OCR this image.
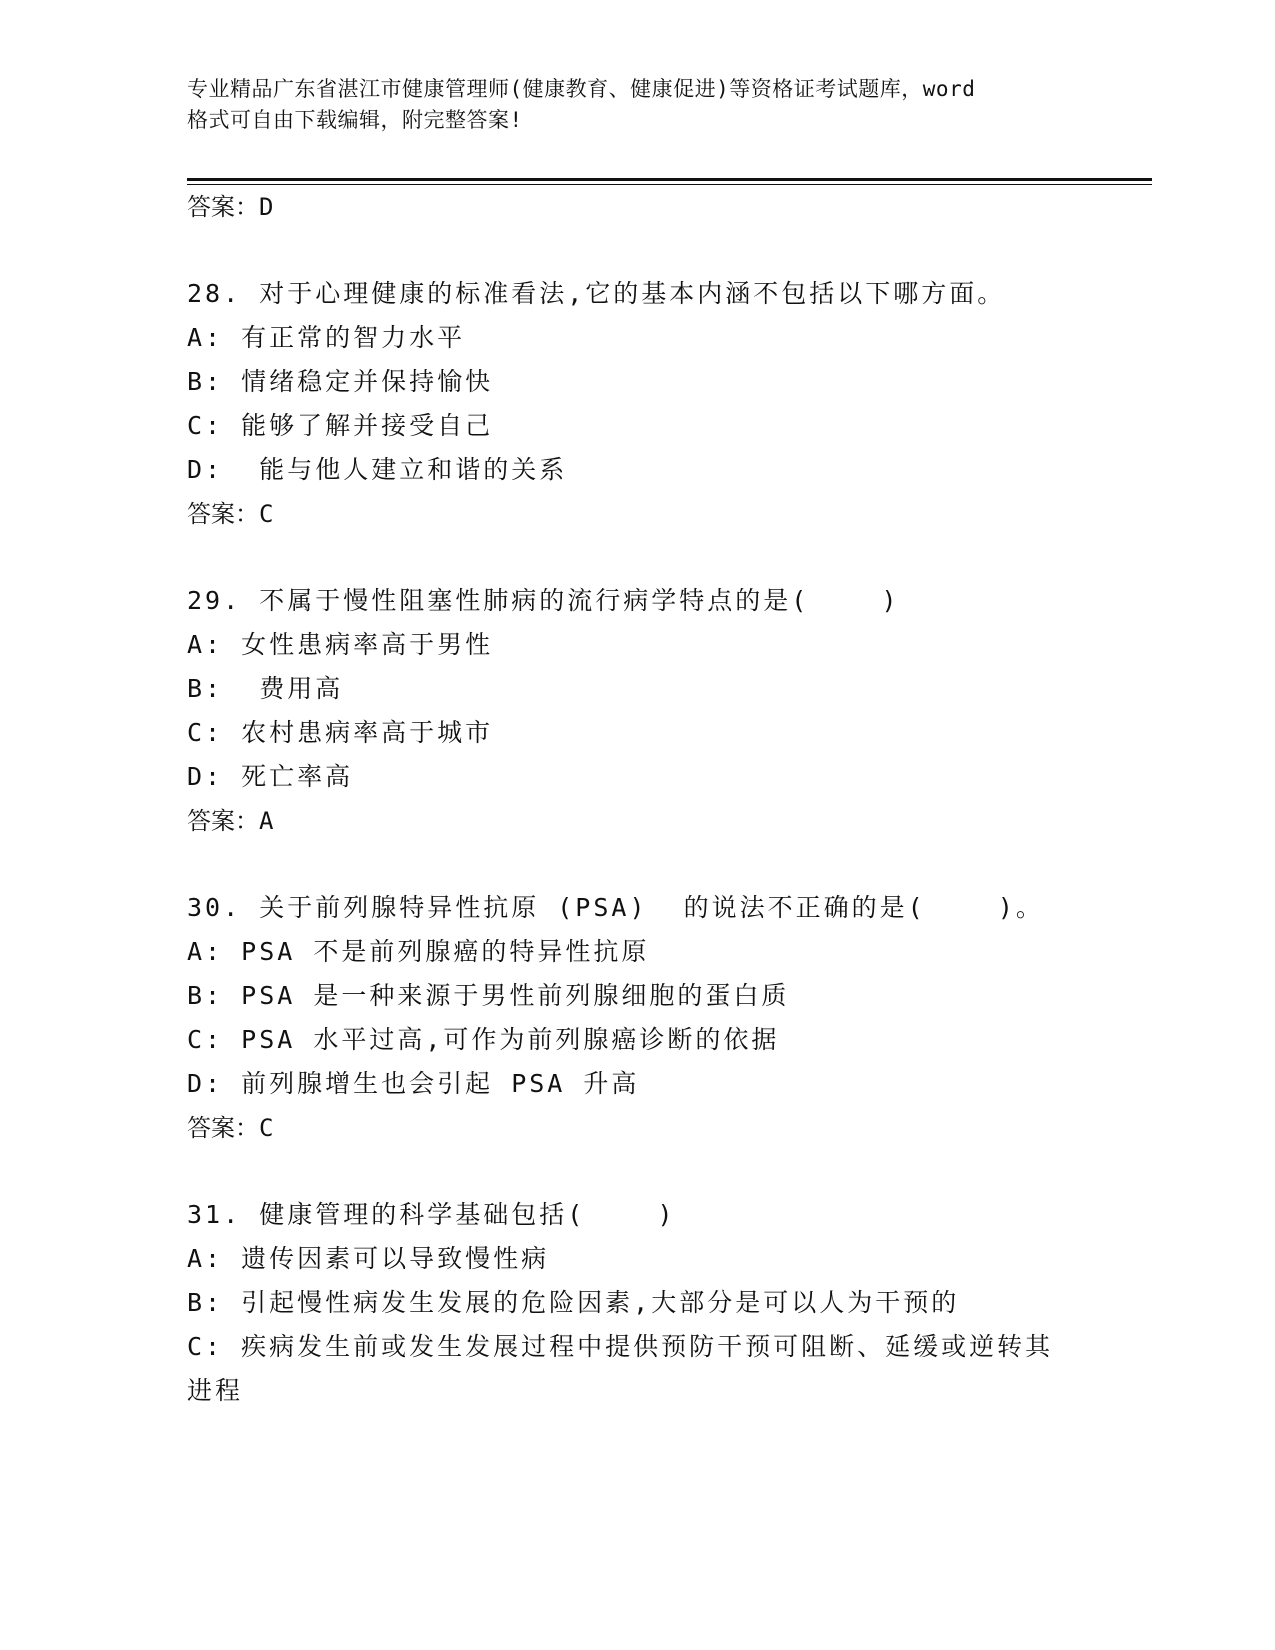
专业精品广东省湛江市健康管理师(健康教育、健康促进)等资格证考试题库，word
格式可自由下载编辑，附完整答案!
答案：D
28. 对于心理健康的标准看法,它的基本内涵不包括以下哪方面。
A: 有正常的智力水平
B: 情绪稳定并保持愉快
C: 能够了解并接受自己
D:  能与他人建立和谐的关系
答案：C
29. 不属于慢性阻塞性肺病的流行病学特点的是(    )
A: 女性患病率高于男性
B:  费用高
C: 农村患病率高于城市
D: 死亡率高
答案：A
30. 关于前列腺特异性抗原 (PSA)  的说法不正确的是(    )。
A: PSA 不是前列腺癌的特异性抗原
B: PSA 是一种来源于男性前列腺细胞的蛋白质
C: PSA 水平过高,可作为前列腺癌诊断的依据
D: 前列腺增生也会引起 PSA 升高
答案：C
31. 健康管理的科学基础包括(    )
A: 遗传因素可以导致慢性病
B: 引起慢性病发生发展的危险因素,大部分是可以人为干预的
C: 疾病发生前或发生发展过程中提供预防干预可阻断、延缓或逆转其
进程
